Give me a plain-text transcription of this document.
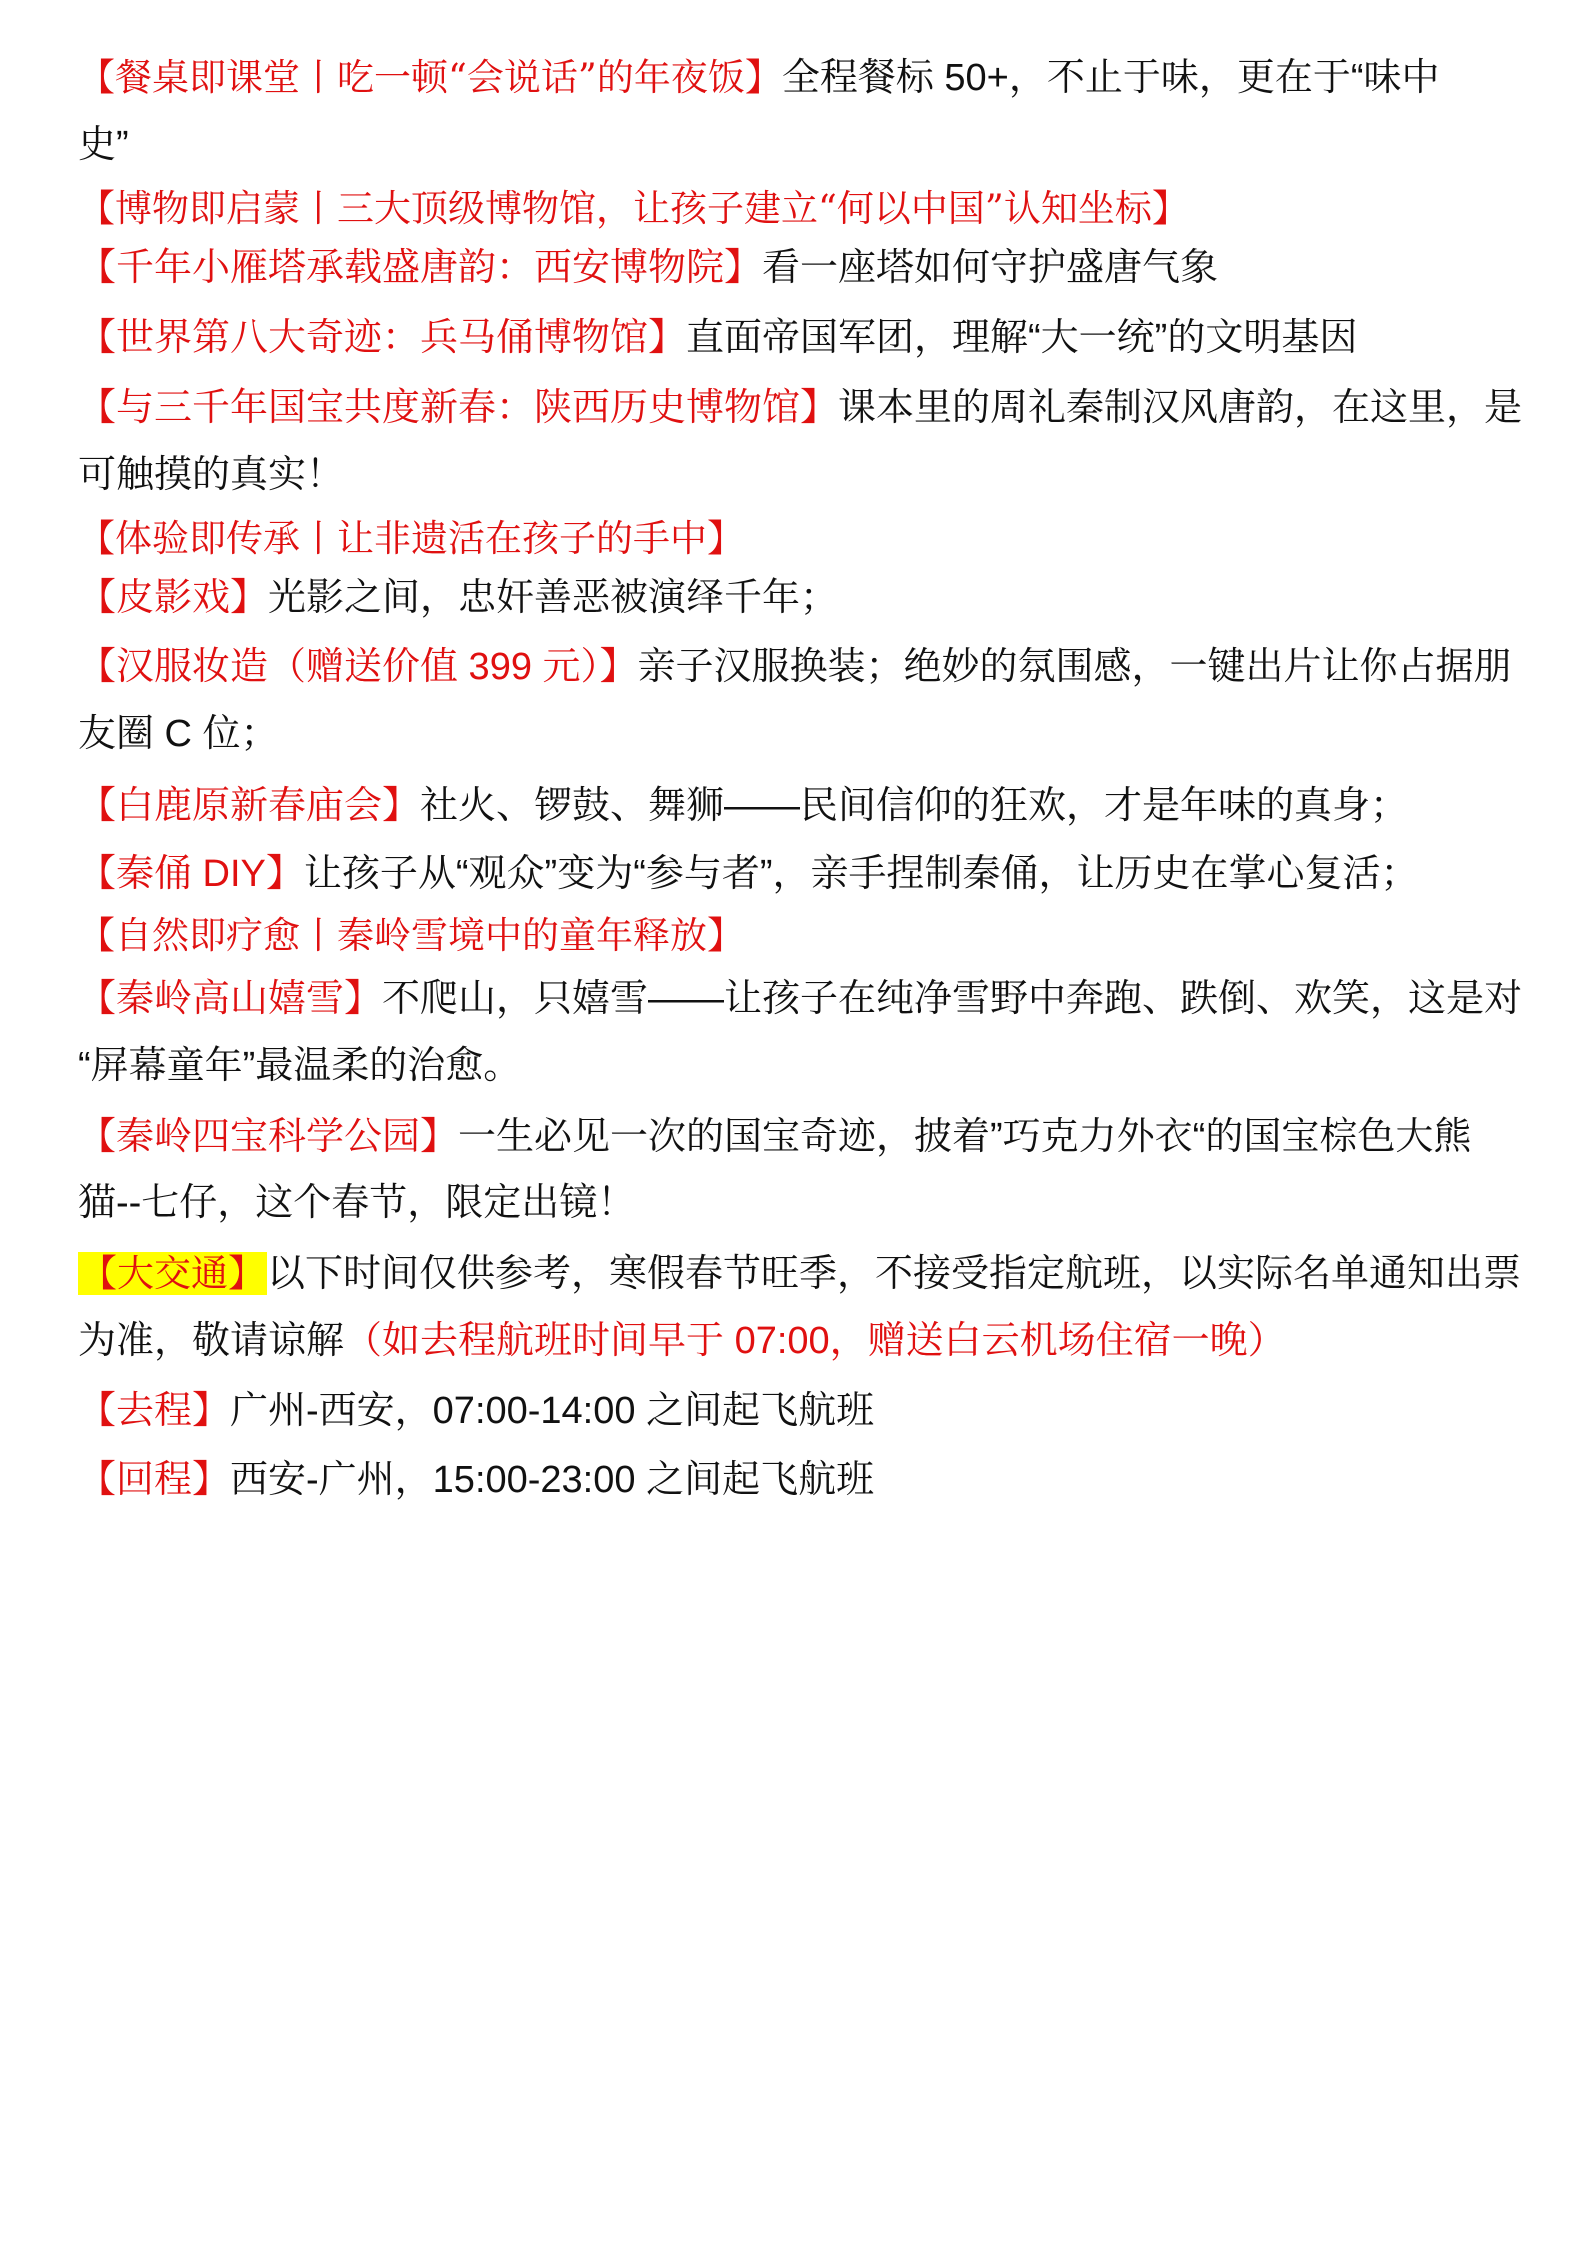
【餐桌即课堂丨吃一顿“会说话”的年夜饭】全程餐标 50+，不止于味，更在于“味中

史”

【博物即启蒙丨三大顶级博物馆，让孩子建立“何以中国”认知坐标】

【千年小雁塔承载盛唐韵：西安博物院】看一座塔如何守护盛唐气象

【世界第八大奇迹：兵马俑博物馆】直面帝国军团，理解“大一统”的文明基因

【与三千年国宝共度新春：陕西历史博物馆】课本里的周礼秦制汉风唐韵，在这里，是

可触摸的真实！

【体验即传承丨让非遗活在孩子的手中】

【皮影戏】光影之间，忠奸善恶被演绎千年；

【汉服妆造（赠送价值 399 元）】亲子汉服换装；绝妙的氛围感，一键出片让你占据朋

友圈 C 位；

【白鹿原新春庙会】社火、锣鼓、舞狮——民间信仰的狂欢，才是年味的真身；

【秦俑 DIY】让孩子从“观众”变为“参与者”，亲手捏制秦俑，让历史在掌心复活；

【自然即疗愈丨秦岭雪境中的童年释放】

【秦岭高山嬉雪】不爬山，只嬉雪——让孩子在纯净雪野中奔跑、跌倒、欢笑，这是对

“屏幕童年”最温柔的治愈。

【秦岭四宝科学公园】一生必见一次的国宝奇迹，披着”巧克力外衣“的国宝棕色大熊

猫--七仔，这个春节，限定出镜！

【大交通】以下时间仅供参考，寒假春节旺季，不接受指定航班，以实际名单通知出票

为准，敬请谅解（如去程航班时间早于 07:00，赠送白云机场住宿一晚）

【去程】广州-西安，07:00-14:00 之间起飞航班

【回程】西安-广州，15:00-23:00 之间起飞航班
